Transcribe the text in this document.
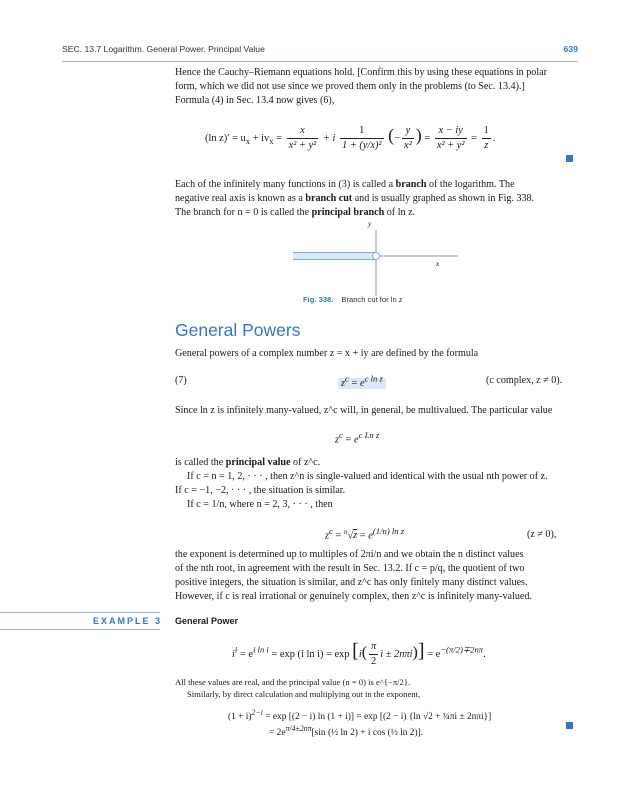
SEC. 13.7 Logarithm. General Power. Principal Value	639

Hence the Cauchy–Riemann equations hold. [Confirm this by using these equations in polar

form, which we did not use since we proved them only in the problems (to Sec. 13.4).]

Formula (4) in Sec. 13.4 now gives (6),

(ln $z)' = u_x + iv_x = \frac{x}{\text{x² + y²}} + i \frac{1}{\text{1 + (y/x)²}}$ (− $\frac{y}{\text{x²}}$ ) = $\frac{x - iy}{\text{x² + y²}} = \frac{1}{z}$ .

Each of the infinitely many functions in (3) is called a branch of the logarithm. The

negative real axis is known as a branch cut and is usually graphed as shown in Fig. 338.

The branch for n = 0 is called the principal branch of ln z.

y
x
Fig. 338. Branch cut for ln z
General Powers
General powers of a complex number z = x + iy are defined by the formula
(7)	$z^c = e^{c ln z}$	(c complex, z ≠ 0).
Since ln z is infinitely many-valued, z^c will, in general, be multivalued. The particular value
$z^c = e^{c Ln z}$

is called the principal value of z^c.

If c = n = 1, 2, · · · , then z^n is single-valued and identical with the usual nth power of z.

If c = −1, −2, · · · , the situation is similar.

If c = 1/n, where n = 2, 3, · · · , then

$z^c = ^n√z = e^{(1/n) ln z}$	(z ≠ 0),

the exponent is determined up to multiples of 2πi/n and we obtain the n distinct values

of the nth root, in agreement with the result in Sec. 13.2. If c = p/q, the quotient of two

positive integers, the situation is similar, and z^c has only finitely many distinct values.

However, if c is real irrational or genuinely complex, then z^c is infinitely many-valued.

EXAMPLE 3 General Power
$i^i = e^{i ln i} = \exp (i$ $\ln i) = \exp [i( \frac{\pi}{2}$ $i \pm 2n\pi i)] = e^{-(\pi/2)\mp 2n\pi}$.

All these values are real, and the principal value (n = 0) is e^{−π/2}.

Similarly, by direct calculation and multiplying out in the exponent,

$(1 + i)^{2-i} = \exp [(2 - i)$ ln (1 + i)] = exp [(2 − i) {ln √2 + ¼πi ± 2nπi}]
= $2e^{\pi/4\pm 2n\pi}[\sin$ (½ ln 2) + i cos (½ ln 2)].
